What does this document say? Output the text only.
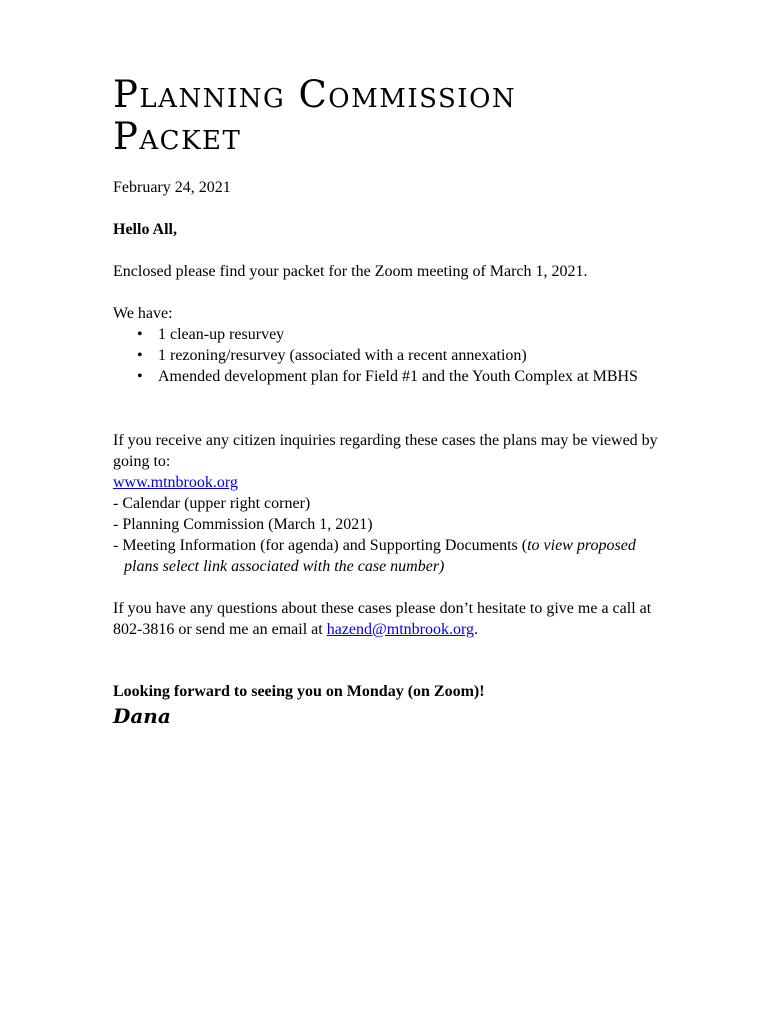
Planning Commission
Packet

February 24, 2021

Hello All,

Enclosed please find your packet for the Zoom meeting of March 1, 2021.

We have:

• 1 clean-up resurvey
• 1 rezoning/resurvey (associated with a recent annexation)
• Amended development plan for Field #1 and the Youth Complex at MBHS
If you receive any citizen inquiries regarding these cases the plans may be viewed by going to:
www.mtnbrook.org
- Calendar (upper right corner)
- Planning Commission (March 1, 2021)
- Meeting Information (for agenda) and Supporting Documents (to view proposed plans select link associated with the case number)

If you have any questions about these cases please don’t hesitate to give me a call at 802-3816 or send me an email at hazend@mtnbrook.org.

Looking forward to seeing you on Monday (on Zoom)!

Dana
